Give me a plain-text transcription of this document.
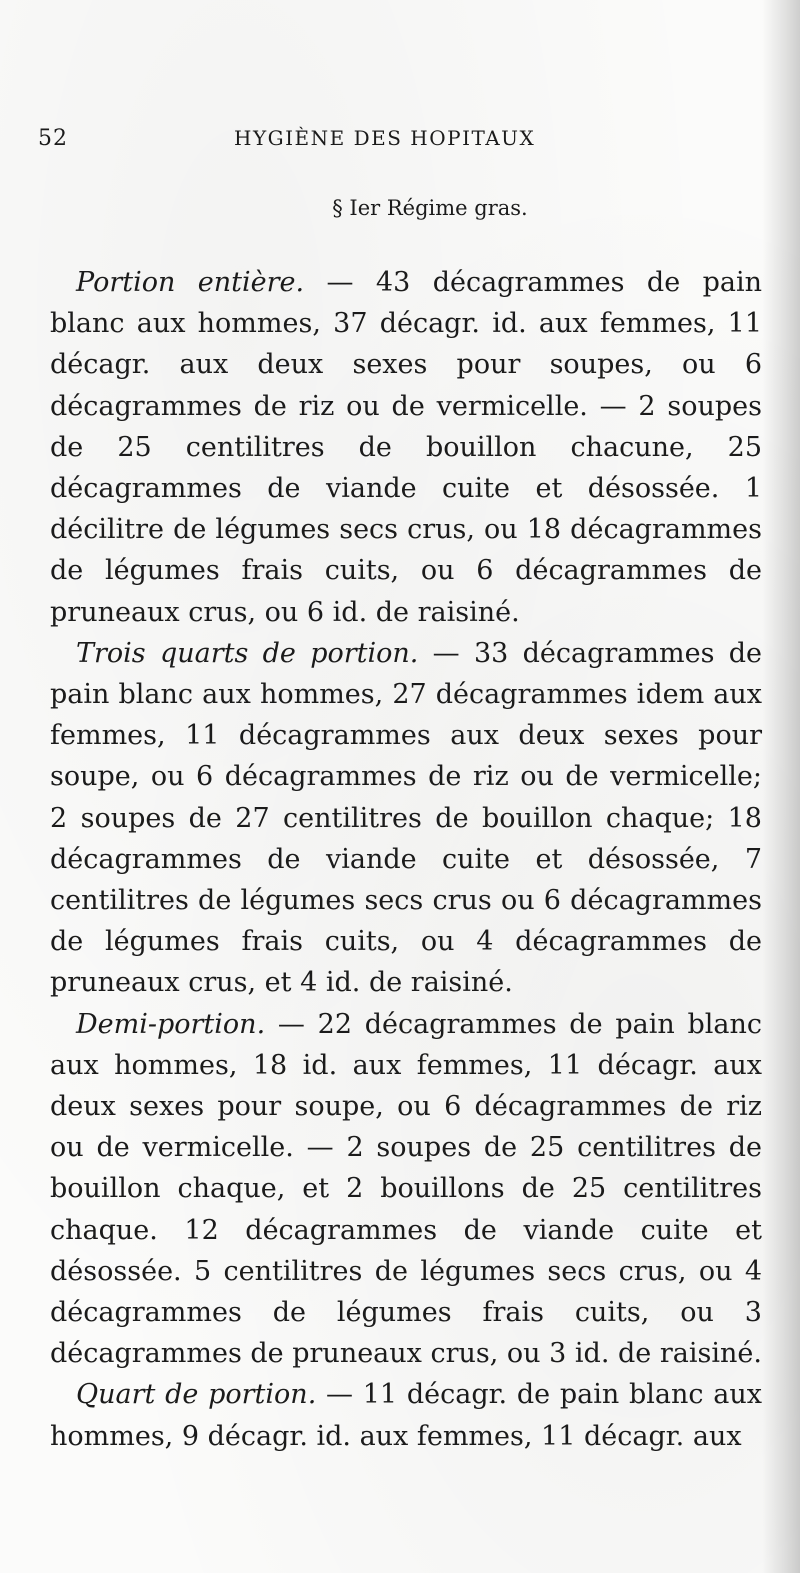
52	HYGIÈNE DES HOPITAUX
§ Ier Régime gras.

Portion entière. — 43 décagrammes de pain blanc aux hommes, 37 décagr. id. aux femmes, 11 décagr. aux deux sexes pour soupes, ou 6 décagrammes de riz ou de vermicelle. — 2 soupes de 25 centilitres de bouillon chacune, 25 décagrammes de viande cuite et désossée. 1 décilitre de légumes secs crus, ou 18 décagrammes de légumes frais cuits, ou 6 décagrammes de pruneaux crus, ou 6 id. de raisiné.

Trois quarts de portion. — 33 décagrammes de pain blanc aux hommes, 27 décagrammes idem aux femmes, 11 décagrammes aux deux sexes pour soupe, ou 6 décagrammes de riz ou de vermicelle; 2 soupes de 27 centilitres de bouillon chaque; 18 décagrammes de viande cuite et désossée, 7 centilitres de légumes secs crus ou 6 décagrammes de légumes frais cuits, ou 4 décagrammes de pruneaux crus, et 4 id. de raisiné.

Demi-portion. — 22 décagrammes de pain blanc aux hommes, 18 id. aux femmes, 11 décagr. aux deux sexes pour soupe, ou 6 décagrammes de riz ou de vermicelle. — 2 soupes de 25 centilitres de bouillon chaque, et 2 bouillons de 25 centilitres chaque. 12 décagrammes de viande cuite et désossée. 5 centilitres de légumes secs crus, ou 4 décagrammes de légumes frais cuits, ou 3 décagrammes de pruneaux crus, ou 3 id. de raisiné.

Quart de portion. — 11 décagr. de pain blanc aux hommes, 9 décagr. id. aux femmes, 11 décagr. aux
